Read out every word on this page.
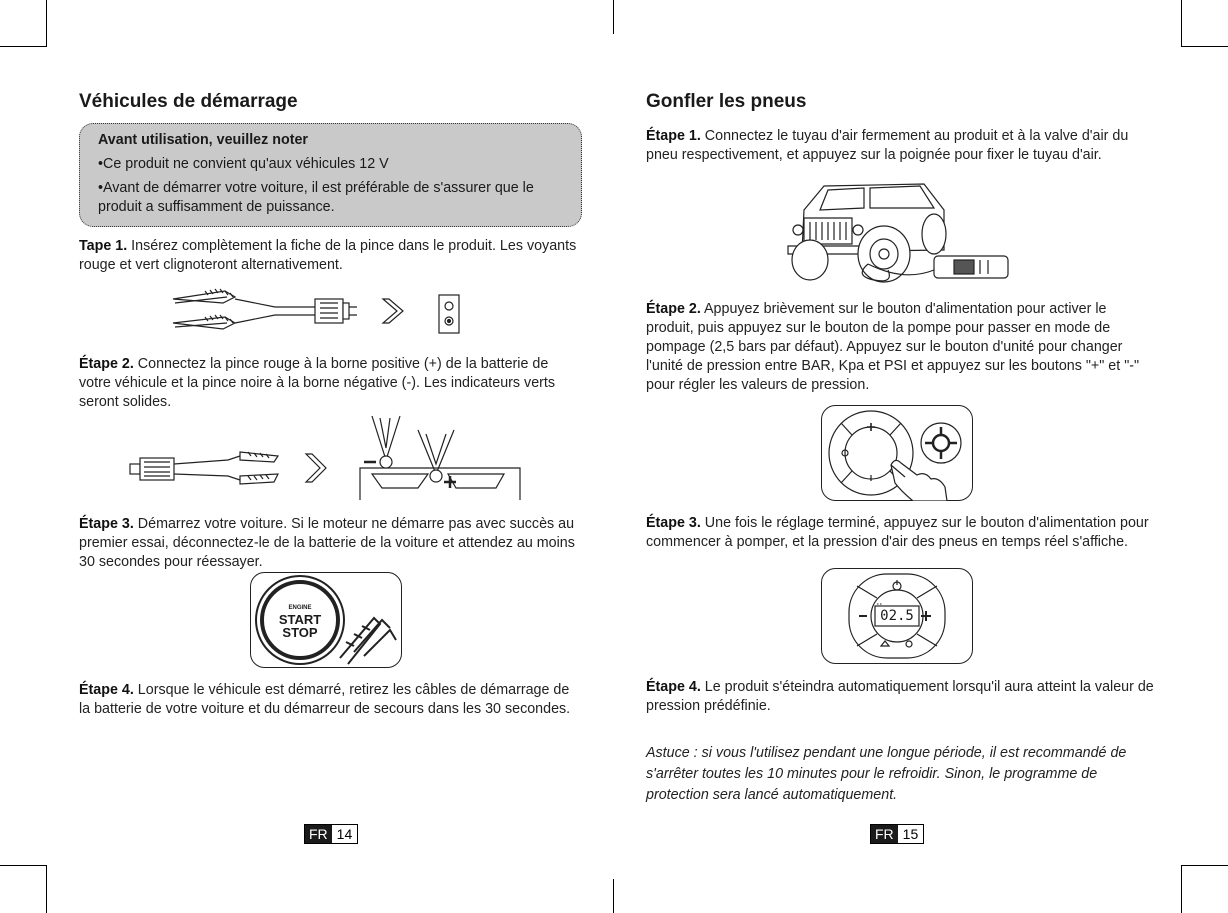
Véhicules de démarrage
Avant utilisation, veuillez noter
•Ce produit ne convient qu'aux véhicules 12 V
•Avant de démarrer votre voiture, il est préférable de s'assurer que le produit a suffisamment de puissance.

Tape 1. Insérez complètement la fiche de la pince dans le produit. Les voyants rouge et vert clignoteront alternativement.

Étape 2. Connectez la pince rouge à la borne positive (+) de la batterie de votre véhicule et la pince noire à la borne négative (-). Les indicateurs verts seront solides.

Étape 3. Démarrez votre voiture. Si le moteur ne démarre pas avec succès au premier essai, déconnectez-le de la batterie de la voiture et attendez au moins 30 secondes pour réessayer.

ENGINE
START
STOP

Étape 4. Lorsque le véhicule est démarré, retirez les câbles de démarrage de la batterie de votre voiture et du démarreur de secours dans les 30 secondes.

FR 14
Gonfler les pneus

Étape 1. Connectez le tuyau d'air fermement au produit et à la valve d'air du pneu respectivement, et appuyez sur la poignée pour fixer le tuyau d'air.

Étape 2. Appuyez brièvement sur le bouton d'alimentation pour activer le produit, puis appuyez sur le bouton de la pompe pour passer en mode de pompage (2,5 bars par défaut). Appuyez sur le bouton d'unité pour changer l'unité de pression entre BAR, Kpa et PSI et appuyez sur les boutons "+" et "-" pour régler les valeurs de pression.

Étape 3. Une fois le réglage terminé, appuyez sur le bouton d'alimentation pour commencer à pomper, et la pression d'air des pneus en temps réel s'affiche.

02.5

Étape 4. Le produit s'éteindra automatiquement lorsqu'il aura atteint la valeur de pression prédéfinie.

Astuce : si vous l'utilisez pendant une longue période, il est recommandé de s'arrêter toutes les 10 minutes pour le refroidir. Sinon, le programme de protection sera lancé automatiquement.

FR 15
